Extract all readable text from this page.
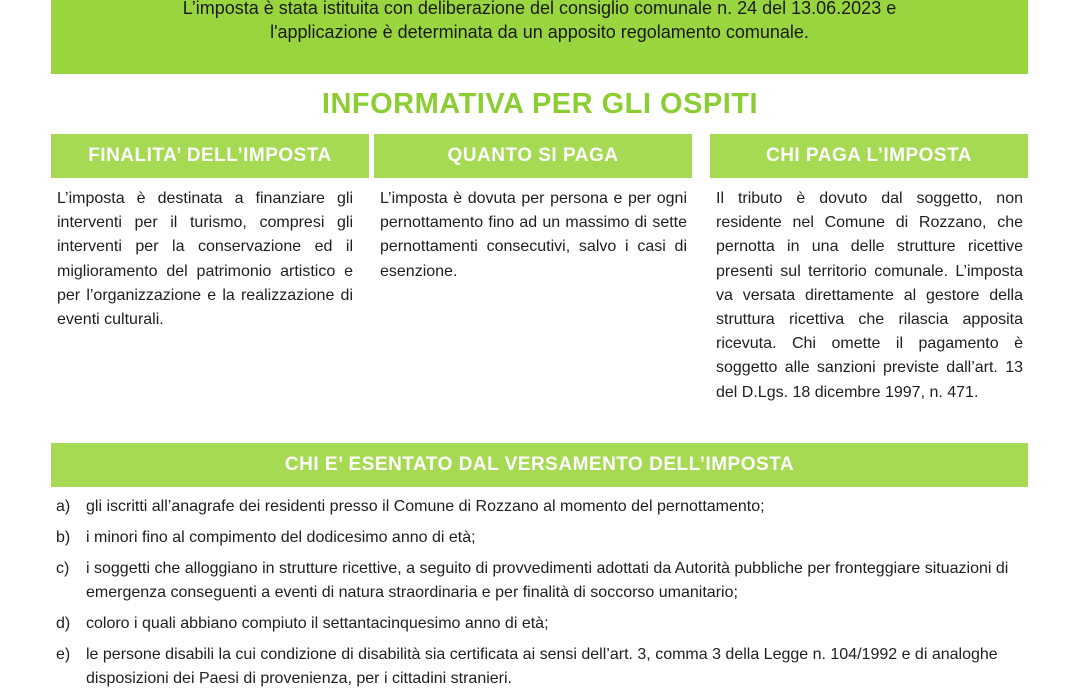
L’imposta è stata istituita con deliberazione del consiglio comunale n. 24 del 13.06.2023 e
l'applicazione è determinata da un apposito regolamento comunale.
INFORMATIVA PER GLI OSPITI
FINALITA’ DELL’IMPOSTA
L’imposta è destinata a finanziare gli interventi per il turismo, compresi gli interventi per la conservazione ed il miglioramento del patrimonio artistico e per l’organizzazione e la realizzazione di eventi culturali.
QUANTO SI PAGA
L’imposta è dovuta per persona e per ogni pernottamento fino ad un massimo di sette pernottamenti consecutivi, salvo i casi di esenzione.
CHI PAGA L’IMPOSTA
Il tributo è dovuto dal soggetto, non residente nel Comune di Rozzano, che pernotta in una delle strutture ricettive presenti sul territorio comunale. L’imposta va versata direttamente al gestore della struttura ricettiva che rilascia apposita ricevuta. Chi omette il pagamento è soggetto alle sanzioni previste dall’art. 13 del D.Lgs. 18 dicembre 1997, n. 471.
CHI E’ ESENTATO DAL VERSAMENTO DELL’IMPOSTA
a) gli iscritti all’anagrafe dei residenti presso il Comune di Rozzano al momento del pernottamento;
b) i minori fino al compimento del dodicesimo anno di età;
c)	i soggetti che alloggiano in strutture ricettive, a seguito di provvedimenti adottati da Autorità pubbliche per fronteggiare situazioni di emergenza conseguenti a eventi di natura straordinaria e per finalità di soccorso umanitario;
d) coloro i quali abbiano compiuto il settantacinquesimo anno di età;
e) le persone disabili la cui condizione di disabilità sia certificata ai sensi dell’art. 3, comma 3 della Legge n. 104/1992 e di analoghe disposizioni dei Paesi di provenienza, per i cittadini stranieri.
